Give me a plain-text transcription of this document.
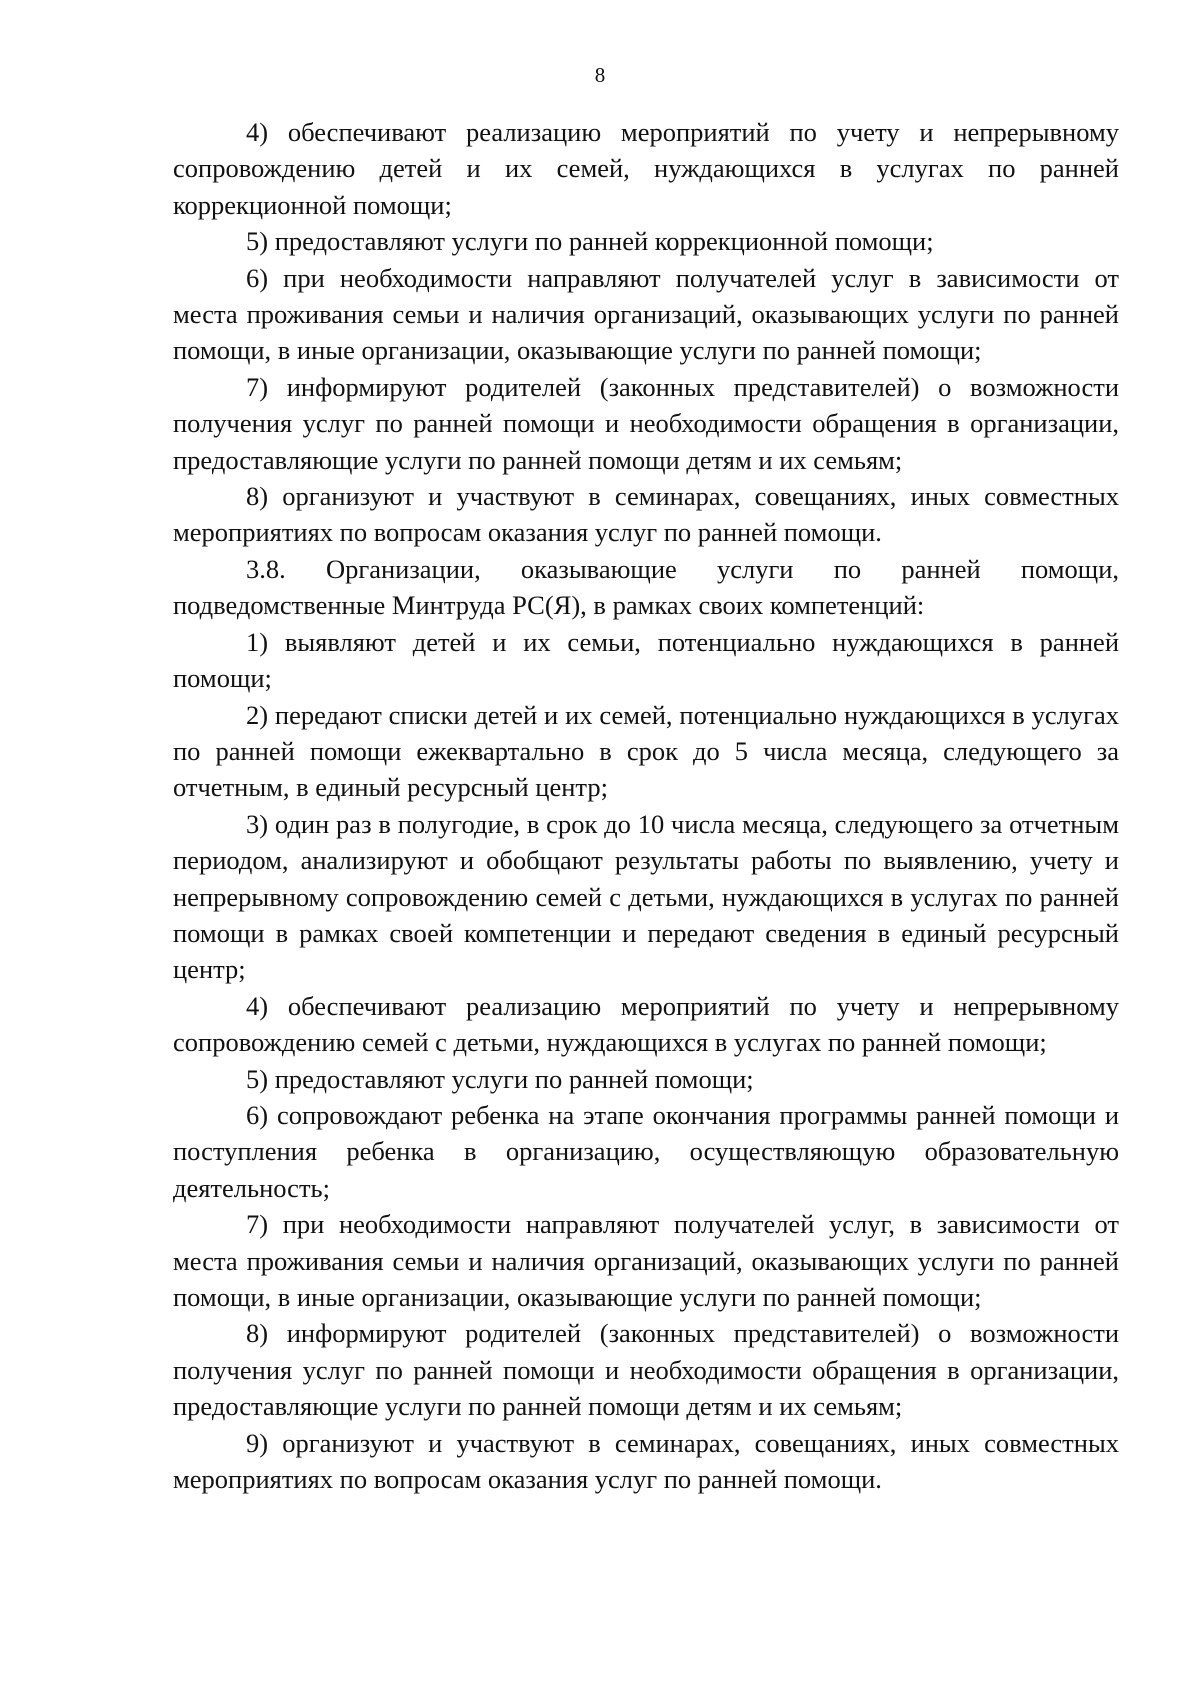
8

4) обеспечивают реализацию мероприятий по учету и непрерывному сопровождению детей и их семей, нуждающихся в услугах по ранней коррекционной помощи;

5) предоставляют услуги по ранней коррекционной помощи;

6) при необходимости направляют получателей услуг в зависимости от места проживания семьи и наличия организаций, оказывающих услуги по ранней помощи, в иные организации, оказывающие услуги по ранней помощи;

7) информируют родителей (законных представителей) о возможности получения услуг по ранней помощи и необходимости обращения в организации, предоставляющие услуги по ранней помощи детям и их семьям;

8) организуют и участвуют в семинарах, совещаниях, иных совместных мероприятиях по вопросам оказания услуг по ранней помощи.

3.8. Организации, оказывающие услуги по ранней помощи, подведомственные Минтруда РС(Я), в рамках своих компетенций:

1) выявляют детей и их семьи, потенциально нуждающихся в ранней помощи;

2) передают списки детей и их семей, потенциально нуждающихся в услугах по ранней помощи ежеквартально в срок до 5 числа месяца, следующего за отчетным, в единый ресурсный центр;

3) один раз в полугодие, в срок до 10 числа месяца, следующего за отчетным периодом, анализируют и обобщают результаты работы по выявлению, учету и непрерывному сопровождению семей с детьми, нуждающихся в услугах по ранней помощи в рамках своей компетенции и передают сведения в единый ресурсный центр;

4) обеспечивают реализацию мероприятий по учету и непрерывному сопровождению семей с детьми, нуждающихся в услугах по ранней помощи;

5) предоставляют услуги по ранней помощи;

6) сопровождают ребенка на этапе окончания программы ранней помощи и поступления ребенка в организацию, осуществляющую образовательную деятельность;

7) при необходимости направляют получателей услуг, в зависимости от места проживания семьи и наличия организаций, оказывающих услуги по ранней помощи, в иные организации, оказывающие услуги по ранней помощи;

8) информируют родителей (законных представителей) о возможности получения услуг по ранней помощи и необходимости обращения в организации, предоставляющие услуги по ранней помощи детям и их семьям;

9) организуют и участвуют в семинарах, совещаниях, иных совместных мероприятиях по вопросам оказания услуг по ранней помощи.
